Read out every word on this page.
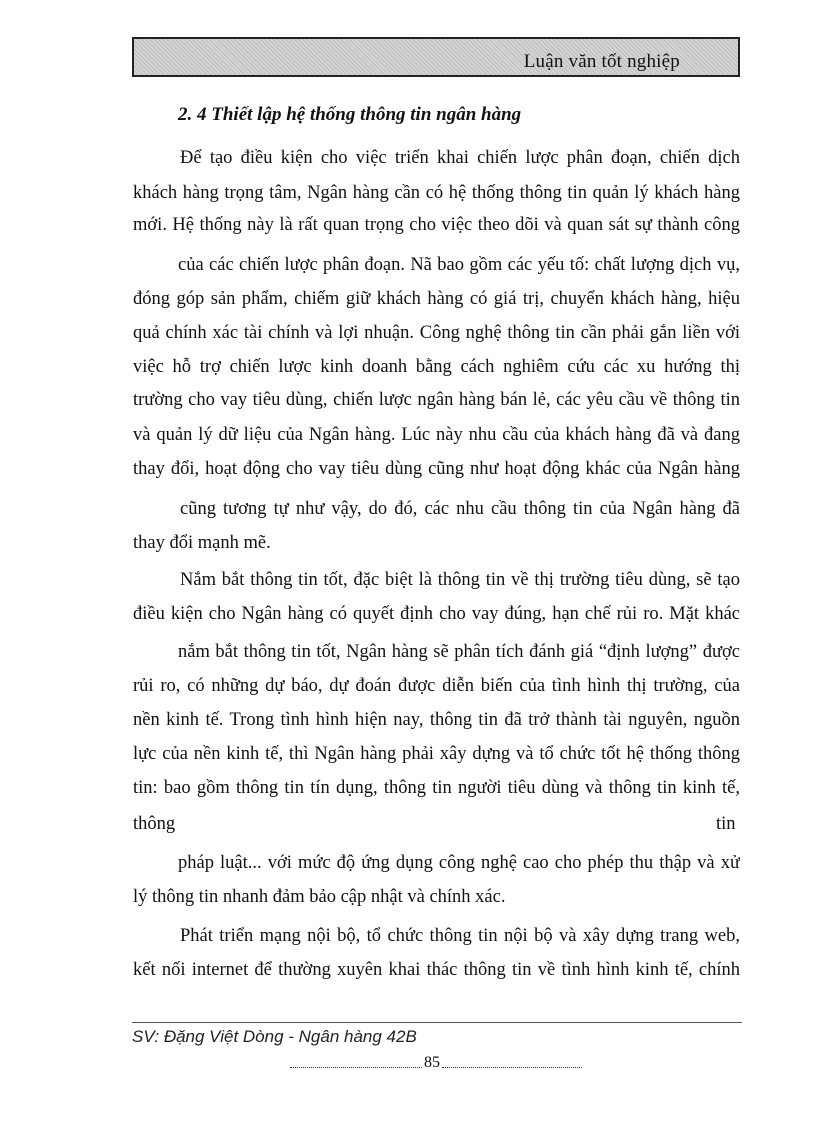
Luận văn tốt nghiệp
2. 4 Thiết lập hệ thống thông tin ngân hàng
Để tạo điều kiện cho việc triển khai chiến lược phân đoạn, chiến dịch
khách hàng trọng tâm, Ngân hàng cần có hệ thống thông tin quản lý khách hàng
mới. Hệ thống này là rất quan trọng cho việc theo dõi và quan sát sự thành công
của các chiến lược phân đoạn. Nã bao gồm các yếu tố: chất lượng dịch vụ,
đóng góp sản phẩm, chiếm giữ khách hàng có giá trị, chuyển khách hàng, hiệu
quả chính xác tài chính và lợi nhuận. Công nghệ thông tin cần phải gắn liền với
việc hỗ trợ chiến lược kinh doanh bằng cách nghiêm cứu các xu hướng thị
trường cho vay tiêu dùng, chiến lược ngân hàng bán lẻ, các yêu cầu về thông tin
và quản lý dữ liệu của Ngân hàng. Lúc này nhu cầu của khách hàng đã và đang
thay đổi, hoạt động cho vay tiêu dùng cũng như hoạt động khác của Ngân hàng
cũng tương tự như vậy, do đó, các nhu cầu thông tin của Ngân hàng đã
thay đổi mạnh mẽ.
Nắm bắt thông tin tốt, đặc biệt là thông tin về thị trường tiêu dùng, sẽ tạo
điều kiện cho Ngân hàng có quyết định cho vay đúng, hạn chế rủi ro. Mặt khác
nắm bắt thông tin tốt, Ngân hàng sẽ phân tích đánh giá “định lượng” được
rủi ro, có những dự báo, dự đoán được diễn biến của tình hình thị trường, của
nền kinh tế. Trong tình hình hiện nay, thông tin đã trở thành tài nguyên, nguồn
lực của nền kinh tế, thì Ngân hàng phải xây dựng và tổ chức tốt hệ thống thông
tin: bao gồm thông tin tín dụng, thông tin người tiêu dùng và thông tin kinh tế,
thông	tin
pháp luật... với mức độ ứng dụng công nghệ cao cho phép thu thập và xử
lý thông tin nhanh đảm bảo cập nhật và chính xác.
Phát triển mạng nội bộ, tổ chức thông tin nội bộ và xây dựng trang web,
kết nối internet để thường xuyên khai thác thông tin về tình hình kinh tế, chính
SV: Đặng Việt Dòng - Ngân hàng 42B
85
